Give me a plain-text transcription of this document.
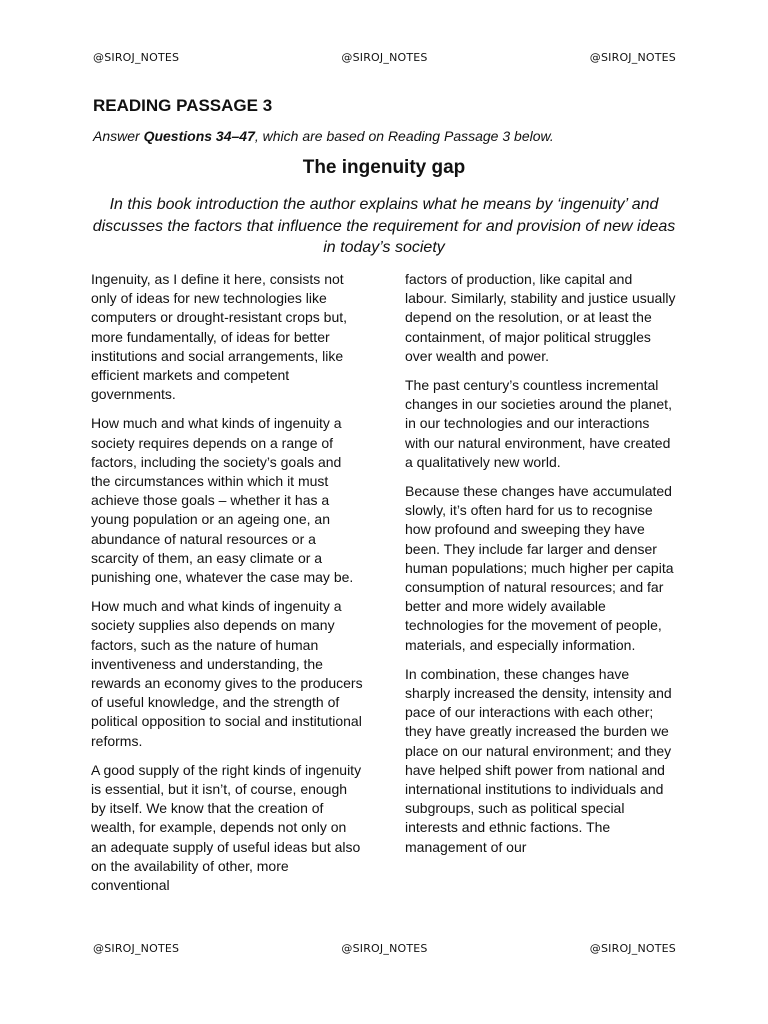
@SIROJ_NOTES	@SIROJ_NOTES	@SIROJ_NOTES
READING PASSAGE 3

Answer Questions 34–47, which are based on Reading Passage 3 below.

The ingenuity gap

In this book introduction the author explains what he means by ‘ingenuity’ and discusses the factors that influence the requirement for and provision of new ideas in today’s society

Ingenuity, as I define it here, consists not only of ideas for new technologies like computers or drought-resistant crops but, more fundamentally, of ideas for better institutions and social arrangements, like efficient markets and competent governments.

How much and what kinds of ingenuity a society requires depends on a range of factors, including the society’s goals and the circumstances within which it must achieve those goals – whether it has a young population or an ageing one, an abundance of natural resources or a scarcity of them, an easy climate or a punishing one, whatever the case may be.

How much and what kinds of ingenuity a society supplies also depends on many factors, such as the nature of human inventiveness and understanding, the rewards an economy gives to the producers of useful knowledge, and the strength of political opposition to social and institutional reforms.

A good supply of the right kinds of ingenuity is essential, but it isn’t, of course, enough by itself. We know that the creation of wealth, for example, depends not only on an adequate supply of useful ideas but also on the availability of other, more conventional

factors of production, like capital and labour. Similarly, stability and justice usually depend on the resolution, or at least the containment, of major political struggles over wealth and power.

The past century’s countless incremental changes in our societies around the planet, in our technologies and our interactions with our natural environment, have created a qualitatively new world.

Because these changes have accumulated slowly, it’s often hard for us to recognise how profound and sweeping they have been. They include far larger and denser human populations; much higher per capita consumption of natural resources; and far better and more widely available technologies for the movement of people, materials, and especially information.

In combination, these changes have sharply increased the density, intensity and pace of our interactions with each other; they have greatly increased the burden we place on our natural environment; and they have helped shift power from national and international institutions to individuals and subgroups, such as political special interests and ethnic factions. The management of our

@SIROJ_NOTES	@SIROJ_NOTES	@SIROJ_NOTES
